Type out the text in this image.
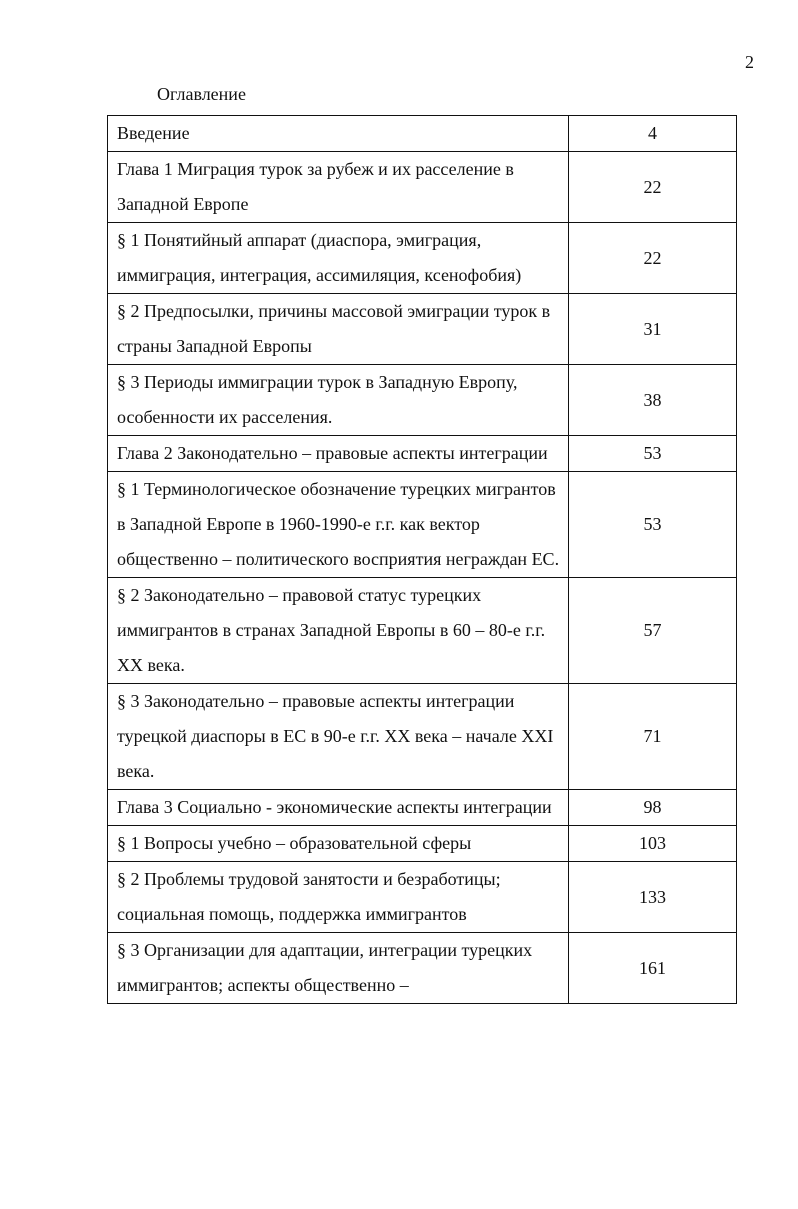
2
Оглавление
Введение	4
Глава 1 Миграция турок за рубеж и их расселение в Западной Европе	22
§ 1 Понятийный аппарат (диаспора, эмиграция, иммиграция, интеграция, ассимиляция, ксенофобия)	22
§ 2 Предпосылки, причины массовой эмиграции турок в страны Западной Европы	31
§ 3 Периоды иммиграции турок в Западную Европу, особенности их расселения.	38
Глава 2 Законодательно – правовые аспекты интеграции	53
§ 1 Терминологическое обозначение турецких мигрантов в Западной Европе в 1960-1990-е г.г. как вектор общественно – политического восприятия неграждан ЕС.	53
§ 2 Законодательно – правовой статус турецких иммигрантов в странах Западной Европы в 60 – 80-е г.г. XX века.	57
§ 3 Законодательно – правовые аспекты интеграции турецкой диаспоры в ЕС в 90-е г.г. XX века – начале XXI века.	71
Глава 3 Социально - экономические аспекты интеграции	98
§ 1 Вопросы учебно – образовательной сферы	103
§ 2 Проблемы трудовой занятости и безработицы; социальная помощь, поддержка иммигрантов	133
§ 3 Организации для адаптации, интеграции турецких иммигрантов; аспекты общественно –	161
